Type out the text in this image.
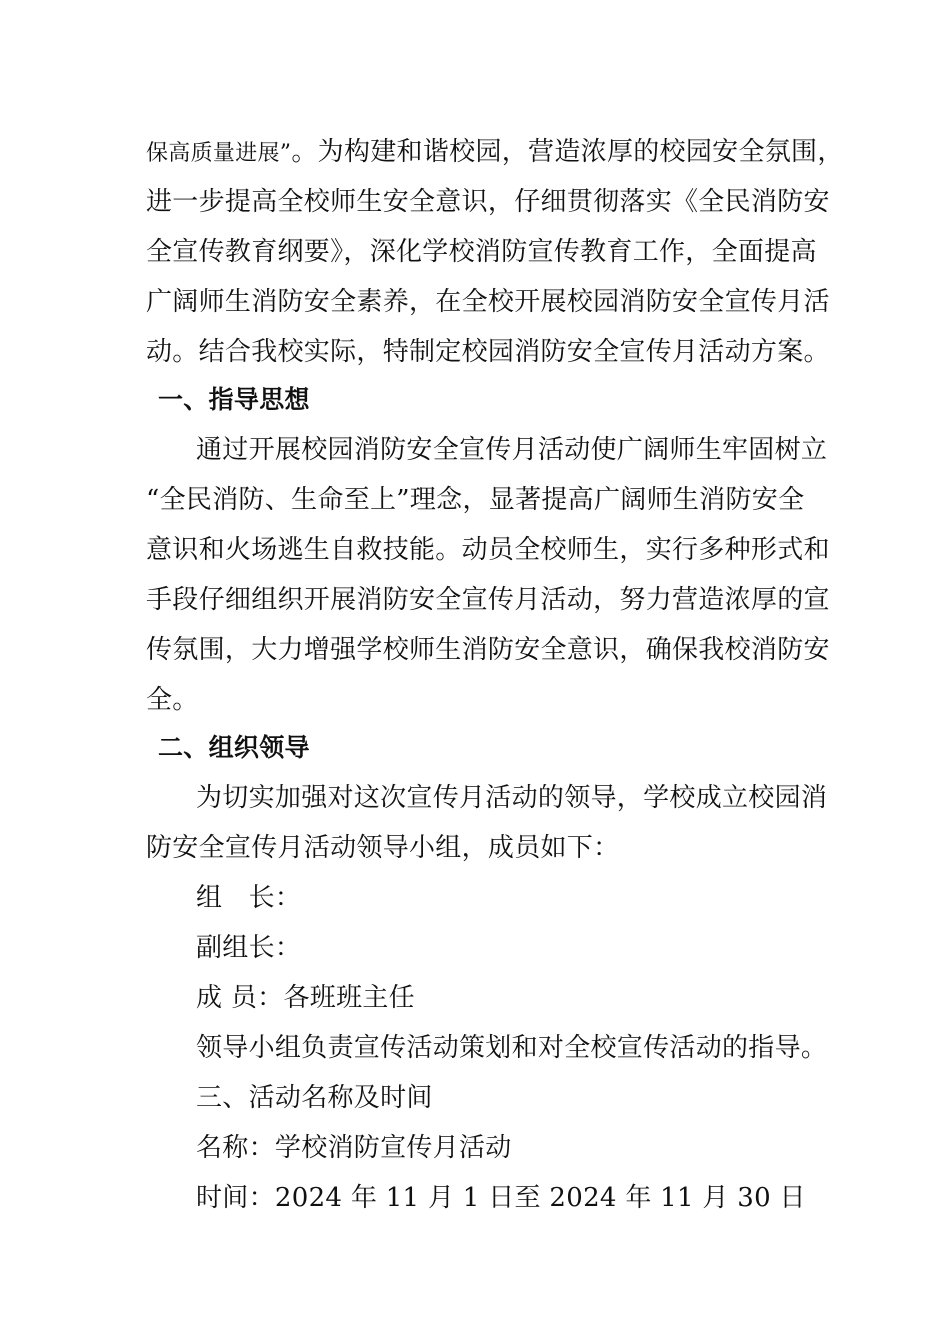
保高质量进展”。为构建和谐校园，营造浓厚的校园安全氛围，
进一步提高全校师生安全意识，仔细贯彻落实《全民消防安
全宣传教育纲要》，深化学校消防宣传教育工作，全面提高
广阔师生消防安全素养，在全校开展校园消防安全宣传月活
动。结合我校实际，特制定校园消防安全宣传月活动方案。
一、指导思想
通过开展校园消防安全宣传月活动使广阔师生牢固树立
“全民消防、生命至上”理念，显著提高广阔师生消防安全
意识和火场逃生自救技能。动员全校师生，实行多种形式和
手段仔细组织开展消防安全宣传月活动，努力营造浓厚的宣
传氛围，大力增强学校师生消防安全意识，确保我校消防安
全。
二、组织领导
为切实加强对这次宣传月活动的领导，学校成立校园消
防安全宣传月活动领导小组，成员如下：
组　长：
副组长：
成 员：各班班主任
领导小组负责宣传活动策划和对全校宣传活动的指导。
三、活动名称及时间
名称：学校消防宣传月活动
时间：2024 年 11 月 1 日至 2024 年 11 月 30 日
